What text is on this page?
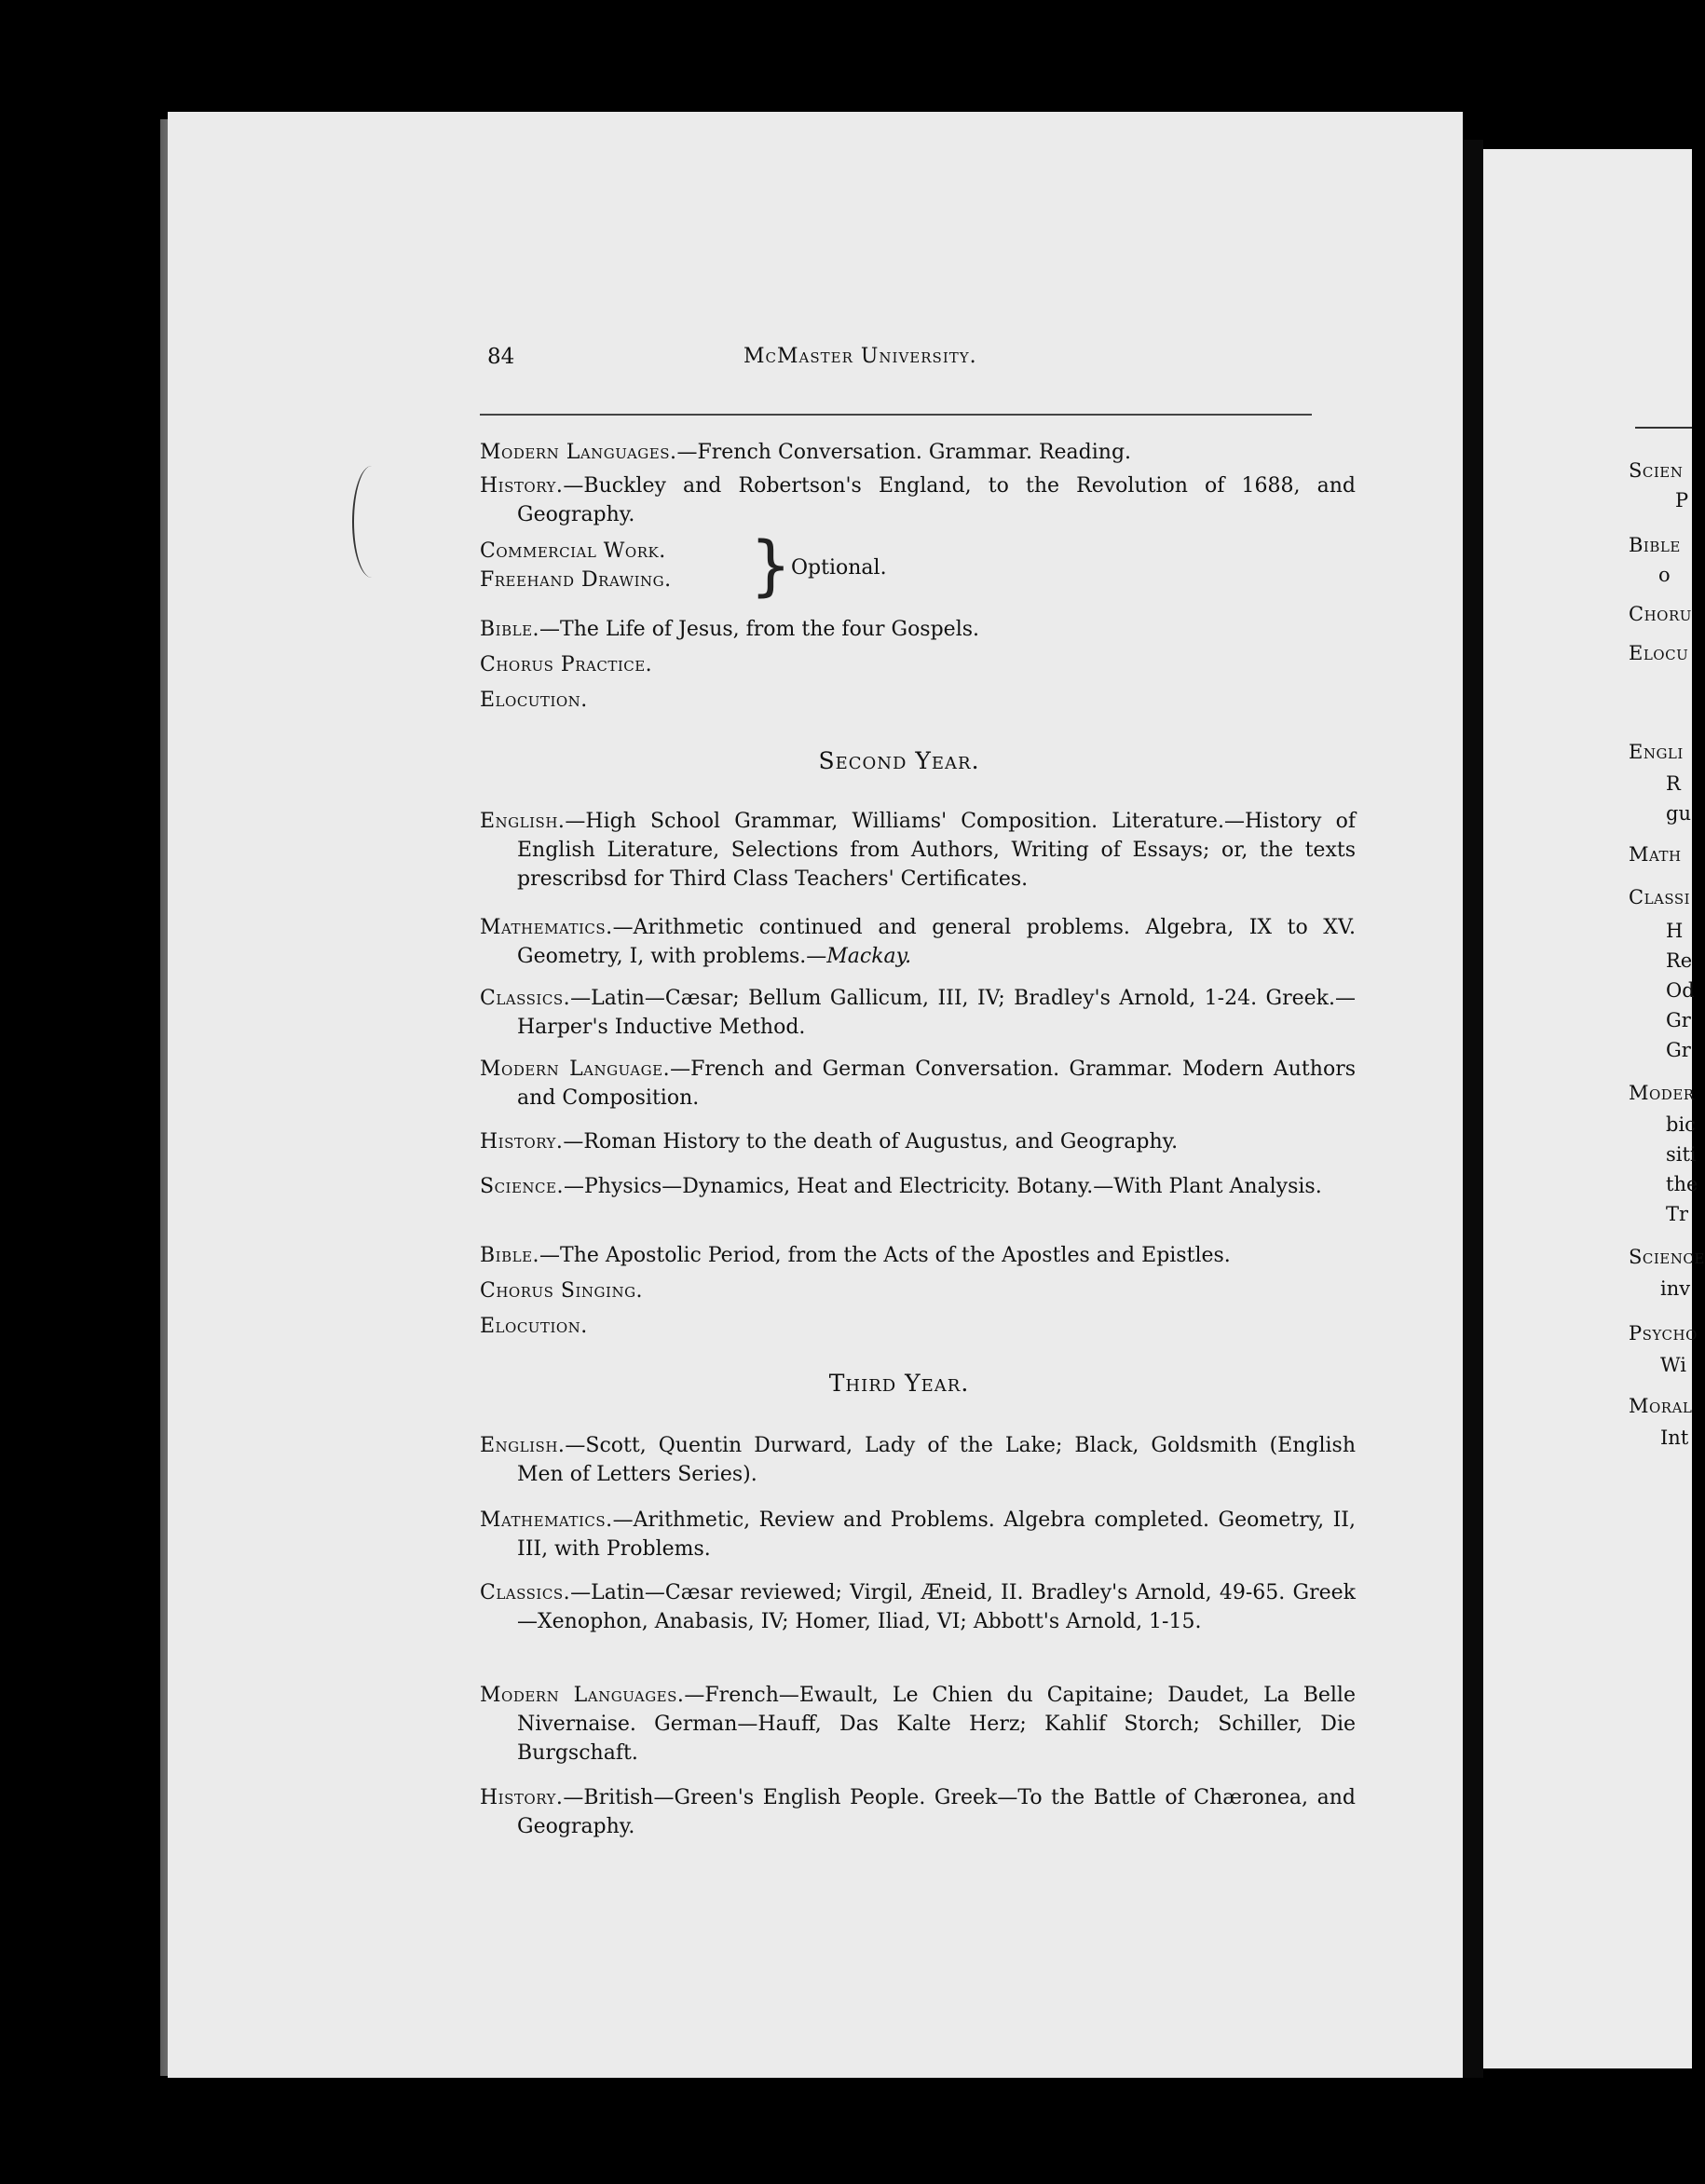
84	McMaster University.
Modern Languages.—French Conversation. Grammar. Reading.
History.—Buckley and Robertson's England, to the Revolution of 1688, and Geography.
Commercial Work.
Freehand Drawing.	} Optional.
Bible.—The Life of Jesus, from the four Gospels.
Chorus Practice.
Elocution.
Second Year.
English.—High School Grammar, Williams' Composition. Literature.—History of English Literature, Selections from Authors, Writing of Essays; or, the texts prescribsd for Third Class Teachers' Certificates.
Mathematics.—Arithmetic continued and general problems. Algebra, IX to XV. Geometry, I, with problems.—Mackay.
Classics.—Latin—Cæsar; Bellum Gallicum, III, IV; Bradley's Arnold, 1-24. Greek.—Harper's Inductive Method.
Modern Language.—French and German Conversation. Grammar. Modern Authors and Composition.
History.—Roman History to the death of Augustus, and Geography.
Science.—Physics—Dynamics, Heat and Electricity. Botany.—With Plant Analysis.
Bible.—The Apostolic Period, from the Acts of the Apostles and Epistles.
Chorus Singing.
Elocution.
Third Year.
English.—Scott, Quentin Durward, Lady of the Lake; Black, Goldsmith (English Men of Letters Series).
Mathematics.—Arithmetic, Review and Problems. Algebra completed. Geometry, II, III, with Problems.
Classics.—Latin—Cæsar reviewed; Virgil, Æneid, II. Bradley's Arnold, 49-65. Greek—Xenophon, Anabasis, IV; Homer, Iliad, VI; Abbott's Arnold, 1-15.
Modern Languages.—French—Ewault, Le Chien du Capitaine; Daudet, La Belle Nivernaise. German—Hauff, Das Kalte Herz; Kahlif Storch; Schiller, Die Burgschaft.
History.—British—Green's English People. Greek—To the Battle of Chæronea, and Geography.
Scien
P
Bible
o
Choru
Elocu
Engli
R
gu
Math
Classi
H
Re
Od
Gr
Gr
Moder
bic
siti
the
Tr
Science
inv
Psycho
Wi
Moral
Int
